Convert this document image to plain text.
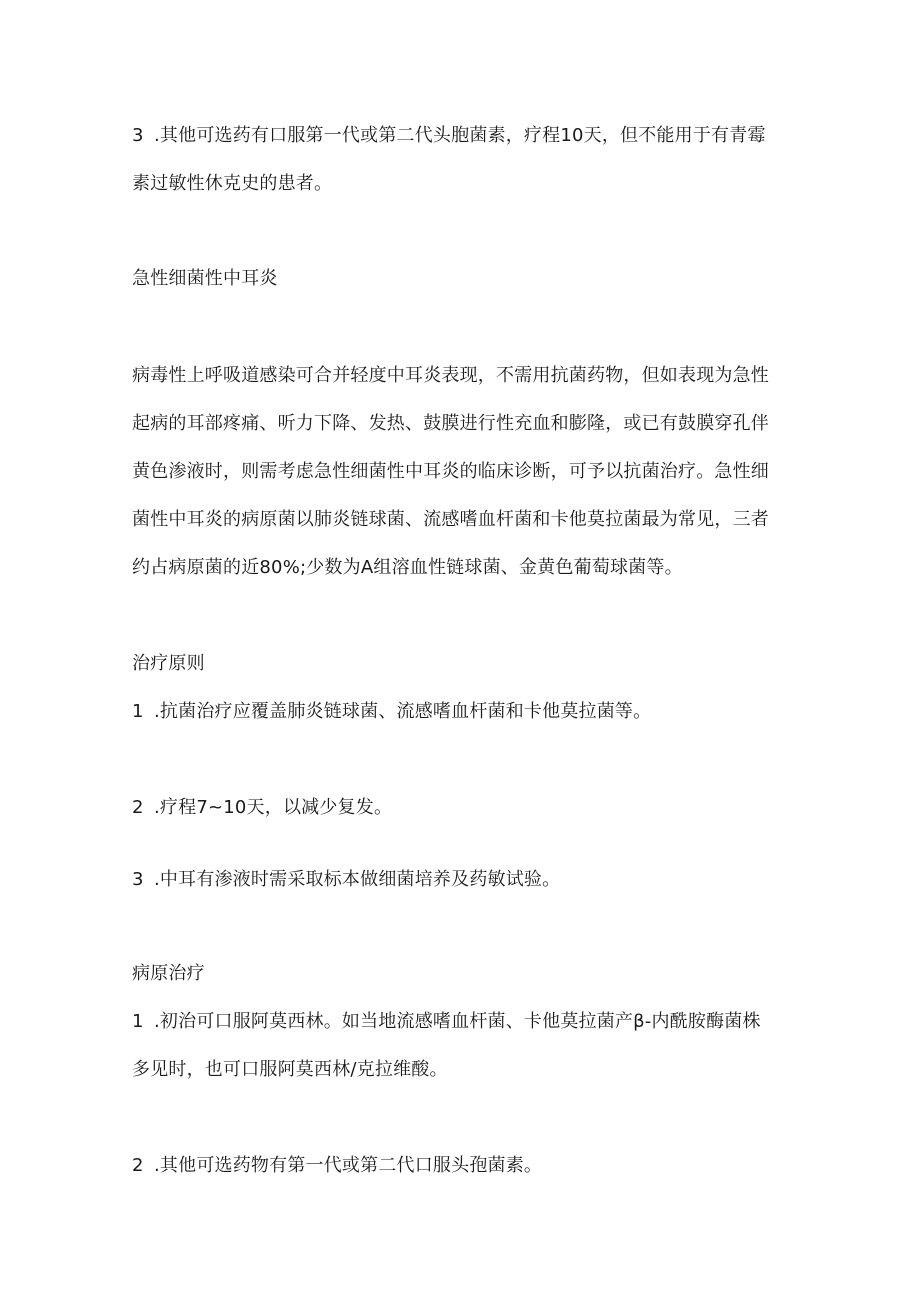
3 .其他可选药有口服第一代或第二代头胞菌素，疗程10天，但不能用于有青霉
素过敏性休克史的患者。
急性细菌性中耳炎
病毒性上呼吸道感染可合并轻度中耳炎表现，不需用抗菌药物，但如表现为急性
起病的耳部疼痛、听力下降、发热、鼓膜进行性充血和膨隆，或已有鼓膜穿孔伴
黄色渗液时，则需考虑急性细菌性中耳炎的临床诊断，可予以抗菌治疗。急性细
菌性中耳炎的病原菌以肺炎链球菌、流感嗜血杆菌和卡他莫拉菌最为常见，三者
约占病原菌的近80%;少数为A组溶血性链球菌、金黄色葡萄球菌等。
治疗原则
1 .抗菌治疗应覆盖肺炎链球菌、流感嗜血杆菌和卡他莫拉菌等。
2 .疗程7~10天，以减少复发。
3 .中耳有渗液时需采取标本做细菌培养及药敏试验。
病原治疗
1 .初治可口服阿莫西林。如当地流感嗜血杆菌、卡他莫拉菌产β-内酰胺酶菌株
多见时，也可口服阿莫西林/克拉维酸。
2 .其他可选药物有第一代或第二代口服头孢菌素。
